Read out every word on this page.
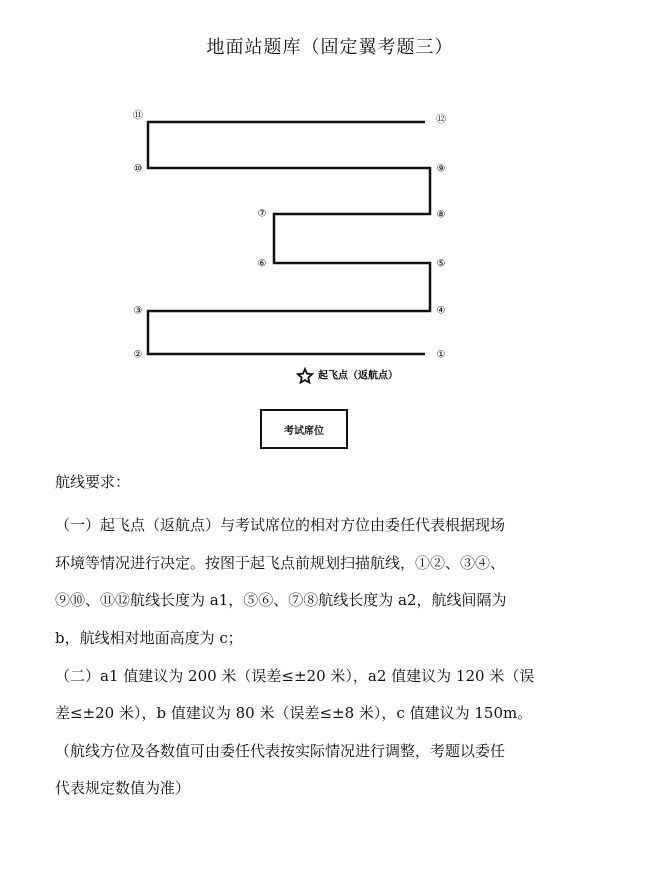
地面站题库（固定翼考题三）
①
②
③	④
⑤
⑥
⑦	⑧
⑨
⑩
⑪	⑫
起飞点（返航点）
考试席位
航线要求：
（一）起飞点（返航点）与考试席位的相对方位由委任代表根据现场
环境等情况进行决定。按图于起飞点前规划扫描航线，①②、③④、
⑨⑩、⑪⑫航线长度为 a1，⑤⑥、⑦⑧航线长度为 a2，航线间隔为
b，航线相对地面高度为 c；
（二）a1 值建议为 200 米（误差≤±20 米），a2 值建议为 120 米（误
差≤±20 米），b 值建议为 80 米（误差≤±8 米），c 值建议为 150m。
（航线方位及各数值可由委任代表按实际情况进行调整，考题以委任
代表规定数值为准）
